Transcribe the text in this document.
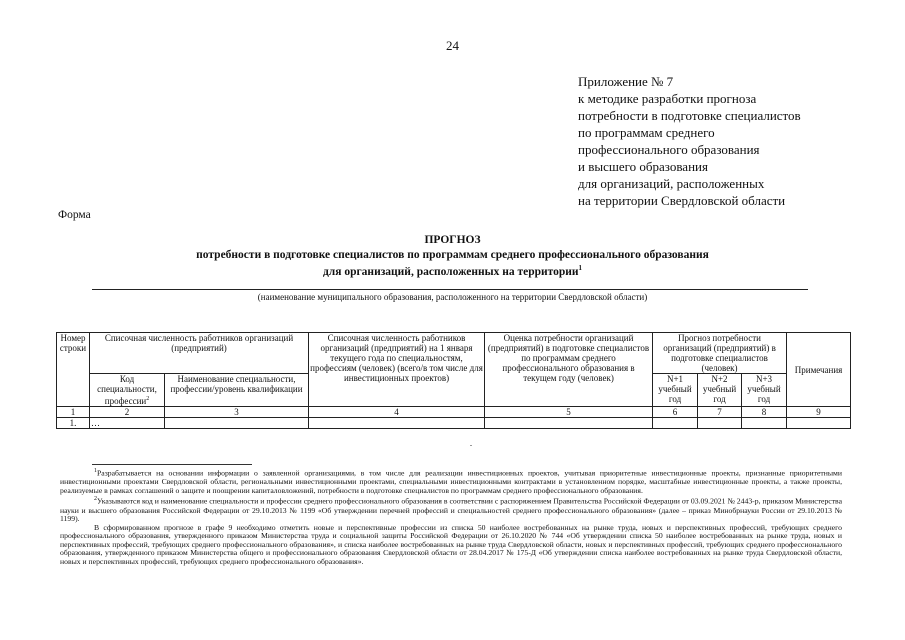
24
Приложение № 7
к методике разработки прогноза
потребности в подготовке специалистов
по программам среднего
профессионального образования
и высшего образования
для организаций, расположенных
на территории Свердловской области
Форма
ПРОГНОЗ
потребности в подготовке специалистов по программам среднего профессионального образования
для организаций, расположенных на территории$^1$
(наименование муниципального образования, расположенного на территории Свердловской области)
Номер строки	Списочная численность работников организаций (предприятий)		Списочная численность работников организаций (предприятий) на 1 января текущего года по специальностям, профессиям (человек) (всего/в том числе для инвестиционных проектов)	Оценка потребности организаций (предприятий) в подготовке специалистов по программам среднего профессионального образования в текущем году (человек)	Прогноз потребности организаций (предприятий) в подготовке специалистов (человек)			Примечания
	Код специальности, профессии$^2$	Наименование специальности, профессии/уровень квалификации			N+1 учебный год	N+2 учебный год	N+3 учебный год	
1	2	3	4	5	6	7	8	9
1.	…							

$^1$Разрабатывается на основании информации о заявленной организациями, в том числе для реализации инвестиционных проектов, учитывая приоритетные инвестиционные проекты, признанные приоритетными инвестиционными проектами Свердловской области, региональными инвестиционными проектами, специальными инвестиционными контрактами в установленном порядке, масштабные инвестиционные проекты, а также проекты, реализуемые в рамках соглашений о защите и поощрении капиталовложений, потребности в подготовке специалистов по программам среднего профессионального образования.

$^2$Указываются код и наименование специальности и профессии среднего профессионального образования в соответствии с распоряжением Правительства Российской Федерации от 03.09.2021 № 2443-р, приказом Министерства науки и высшего образования Российской Федерации от 29.10.2013 № 1199 «Об утверждении перечней профессий и специальностей среднего профессионального образования» (далее – приказ Минобрнауки России от 29.10.2013 № 1199).

В сформированном прогнозе в графе 9 необходимо отметить новые и перспективные профессии из списка 50 наиболее востребованных на рынке труда, новых и перспективных профессий, требующих среднего профессионального образования, утвержденного приказом Министерства труда и социальной защиты Российской Федерации от 26.10.2020 № 744 «Об утверждении списка 50 наиболее востребованных на рынке труда, новых и перспективных профессий, требующих среднего профессионального образования», и списка наиболее востребованных на рынке труда Свердловской области, новых и перспективных профессий, требующих среднего профессионального образования, утвержденного приказом Министерства общего и профессионального образования Свердловской области от 28.04.2017 № 175-Д «Об утверждении списка наиболее востребованных на рынке труда Свердловской области, новых и перспективных профессий, требующих среднего профессионального образования».
